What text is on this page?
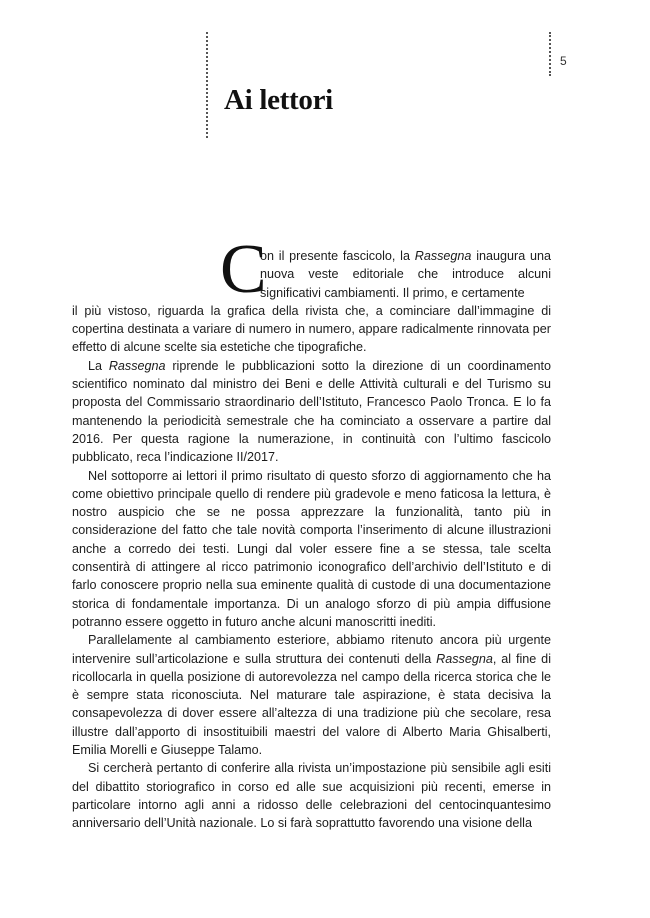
5
Ai lettori
C

on il presente fascicolo, la Rassegna inaugura una nuova veste editoriale che introduce alcuni significativi cambiamenti. Il primo, e certamente
il più vistoso, riguarda la grafica della rivista che, a cominciare dall’immagine di copertina destinata a variare di numero in numero, appare radicalmente rinnovata per effetto di alcune scelte sia estetiche che tipografiche.

La Rassegna riprende le pubblicazioni sotto la direzione di un coordinamento scientifico nominato dal ministro dei Beni e delle Attività culturali e del Turismo su proposta del Commissario straordinario dell’Istituto, Francesco Paolo Tronca. E lo fa mantenendo la periodicità semestrale che ha cominciato a osservare a partire dal 2016. Per questa ragione la numerazione, in continuità con l’ultimo fascicolo pubblicato, reca l’indicazione II/2017.

Nel sottoporre ai lettori il primo risultato di questo sforzo di aggiornamento che ha come obiettivo principale quello di rendere più gradevole e meno faticosa la lettura, è nostro auspicio che se ne possa apprezzare la funzionalità, tanto più in considerazione del fatto che tale novità comporta l’inserimento di alcune illustrazioni anche a corredo dei testi. Lungi dal voler essere fine a se stessa, tale scelta consentirà di attingere al ricco patrimonio iconografico dell’archivio dell’Istituto e di farlo conoscere proprio nella sua eminente qualità di custode di una documentazione storica di fondamentale importanza. Di un analogo sforzo di più ampia diffusione potranno essere oggetto in futuro anche alcuni manoscritti inediti.

Parallelamente al cambiamento esteriore, abbiamo ritenuto ancora più urgente intervenire sull’articolazione e sulla struttura dei contenuti della Rassegna, al fine di ricollocarla in quella posizione di autorevolezza nel campo della ricerca storica che le è sempre stata riconosciuta. Nel maturare tale aspirazione, è stata decisiva la consapevolezza di dover essere all’altezza di una tradizione più che secolare, resa illustre dall’apporto di insostituibili maestri del valore di Alberto Maria Ghisalberti, Emilia Morelli e Giuseppe Talamo.

Si cercherà pertanto di conferire alla rivista un’impostazione più sensibile agli esiti del dibattito storiografico in corso ed alle sue acquisizioni più recenti, emerse in particolare intorno agli anni a ridosso delle celebrazioni del centocinquantesimo anniversario dell’Unità nazionale. Lo si farà soprattutto favorendo una visione della
